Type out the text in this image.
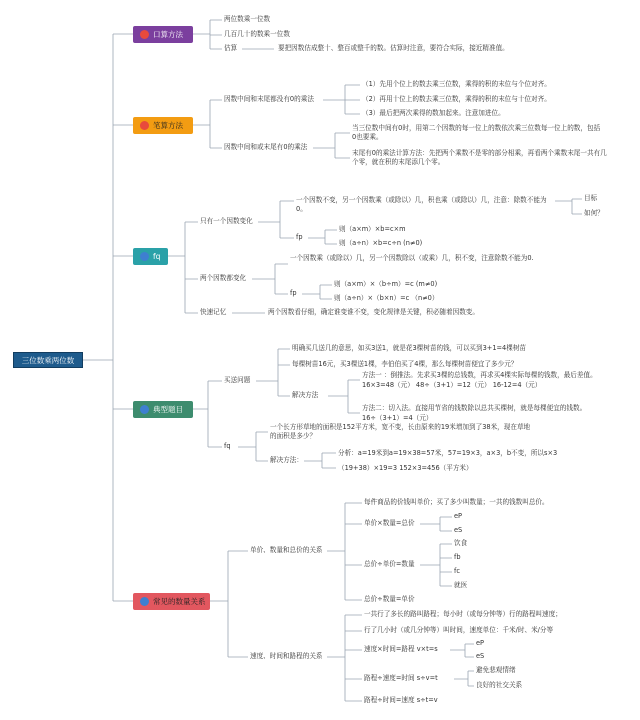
三位数乘两位数
口算方法
笔算方法
fq
典型题目
常见的数量关系
两位数乘一位数
几百几十的数乘一位数
估算	要把因数估成整十、整百或整千的数。估算时注意，要符合实际，接近精准值。
因数中间和末尾都没有0的乘法
（1）先用个位上的数去乘三位数，乘得的积的末位与个位对齐。
（2）再用十位上的数去乘三位数，乘得的积的末位与十位对齐。
（3）最后把两次乘得的数加起来。注意加进位。
因数中间和或末尾有0的乘法
当三位数中间有0时，用第二个因数的每一位上的数依次乘三位数每一位上的数，包括0也要乘。
末尾有0的乘法计算方法：先把两个乘数不是零的部分相乘，再看两个乘数末尾一共有几个零，就在积的末尾添几个零。
只有一个因数变化
一个因数不变，另一个因数乘（或除以）几，积也乘（或除以）几，注意：除数不能为0。
fp
则（a×m）×b=c×m
则（a÷n）×b=c÷n (n≠0)
目标
如何？
两个因数都变化
一个因数乘（或除以）几，另一个因数除以（或乘）几，积不变，注意除数不能为0.
fp
则（a×m）×（b÷m）=c (m≠0)
则（a÷n）×（b×n）=c （n≠0）
快速记忆	两个因数看仔细，确定谁变谁不变，变化规律是关键，积必随着因数变。
买送问题
明确买几送几的意思，如买3送1，就是花3棵树苗的钱，可以买到3+1=4棵树苗
每棵树苗16元，买3棵送1棵，李伯伯买了4棵，那么每棵树苗便宜了多少元？
解决方法
方法一 ：倒推法。先求买3棵的总钱数，再求买4棵实际每棵的钱数，最后差值。
16×3=48（元） 48÷（3+1）=12（元） 16-12=4（元）
方法二：切入法。直接用节省的钱数除以总共买棵树，就是每棵便宜的钱数。
16÷（3+1）=4（元）
fq
一个长方形草地的面积是152平方米，宽不变，长由原来的19米增加到了38米，现在草地的面积是多少？
解决方法：
分析：a=19米到a=19×38=57米，57=19×3，a×3，b不变，所以s×3
（19+38）×19=3 152×3=456（平方米）
单价、数量和总价的关系
每件商品的价钱叫单价；买了多少叫数量；一共的钱数叫总价。
单价×数量=总价
eP
eS
总价÷单价=数量
饮食
fb
fc
就医
总价÷数量=单价
速度、时间和路程的关系
一共行了多长的路叫路程；每小时（或每分钟等）行的路程叫速度；
行了几小时（或几分钟等）叫时间，速度单位：千米/时、米/分等
速度×时间=路程 v×t=s
eP
eS
路程÷速度=时间 s÷v=t
避免悲观情绪
良好的社交关系
路程÷时间=速度 s÷t=v
